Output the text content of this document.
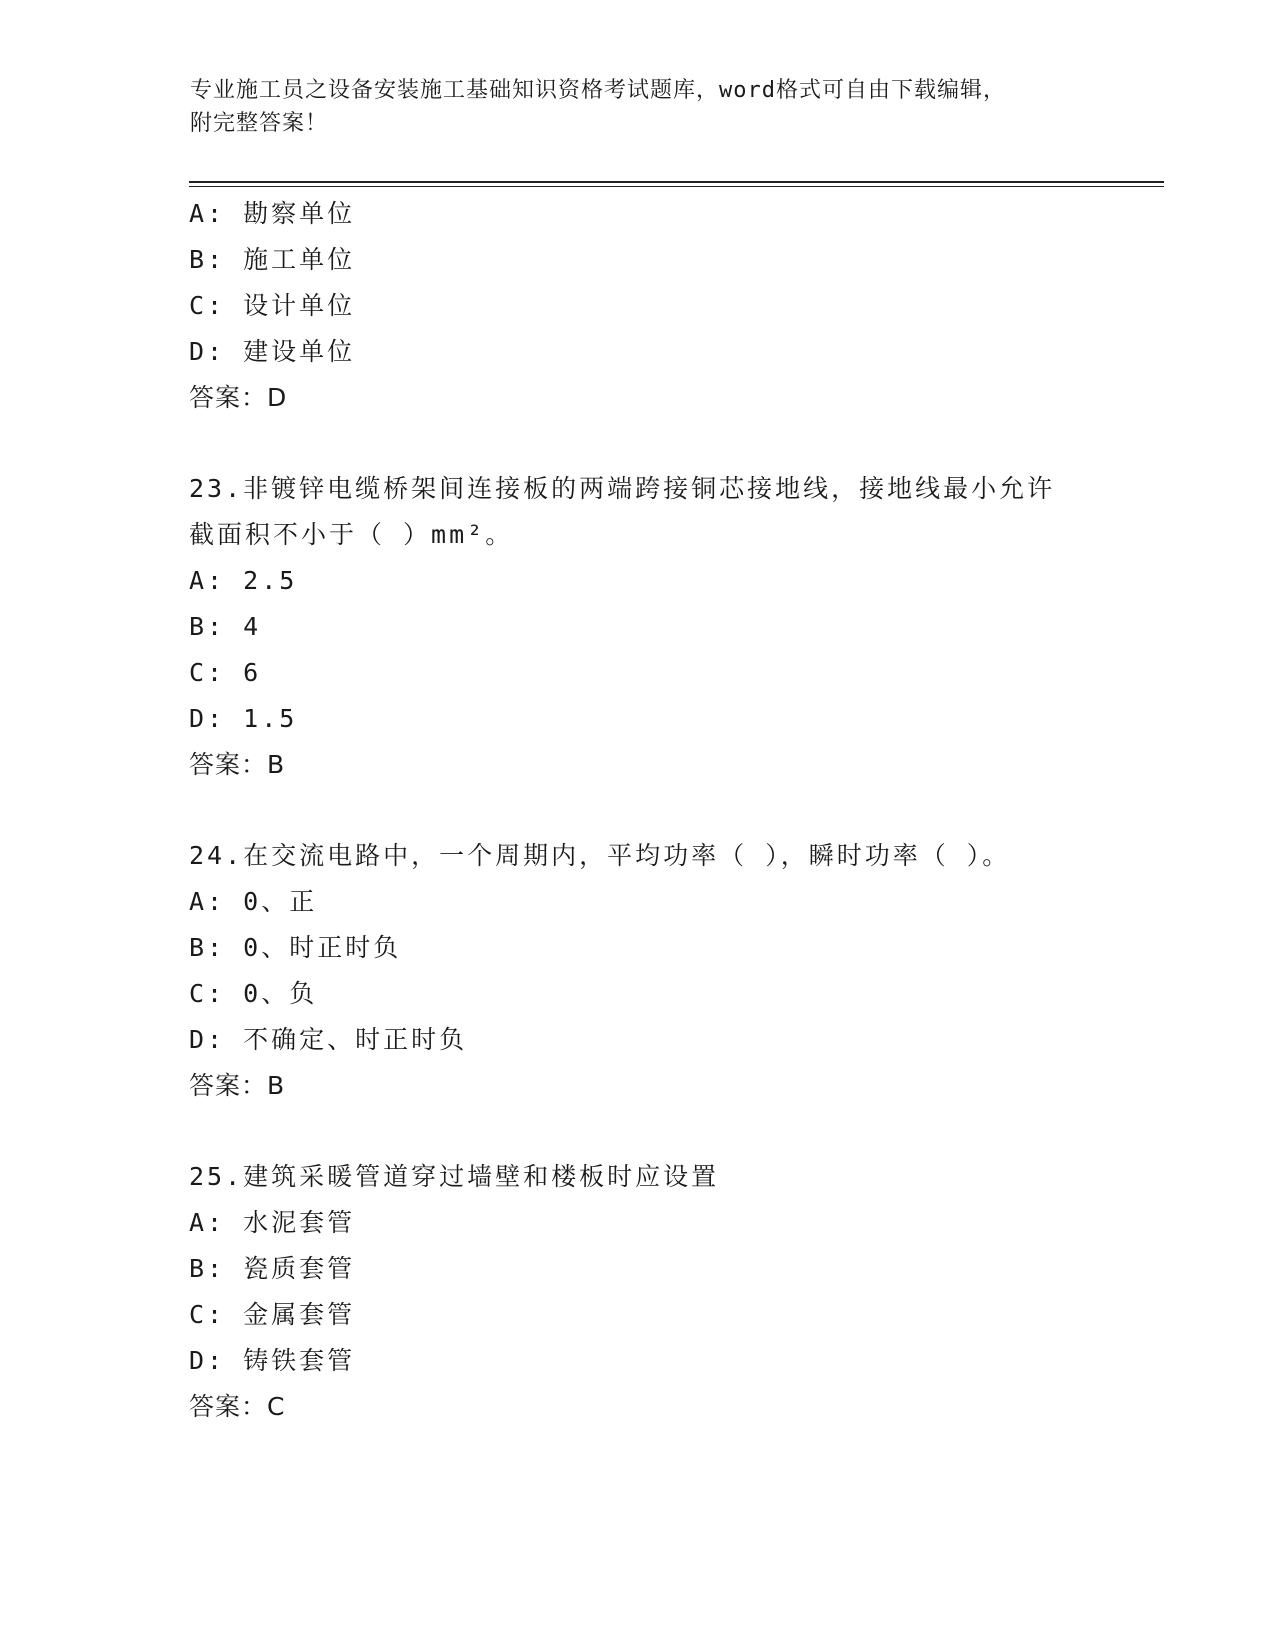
专业施工员之设备安装施工基础知识资格考试题库，word格式可自由下载编辑，
附完整答案！
A: 勘察单位
B: 施工单位
C: 设计单位
D: 建设单位
答案：D
23.非镀锌电缆桥架间连接板的两端跨接铜芯接地线，接地线最小允许
截面积不小于（ ）mm²。
A: 2.5
B: 4
C: 6
D: 1.5
答案：B
24.在交流电路中，一个周期内，平均功率（ ），瞬时功率（ ）。
A: 0、正
B: 0、时正时负
C: 0、负
D: 不确定、时正时负
答案：B
25.建筑采暖管道穿过墙壁和楼板时应设置
A: 水泥套管
B: 瓷质套管
C: 金属套管
D: 铸铁套管
答案：C
